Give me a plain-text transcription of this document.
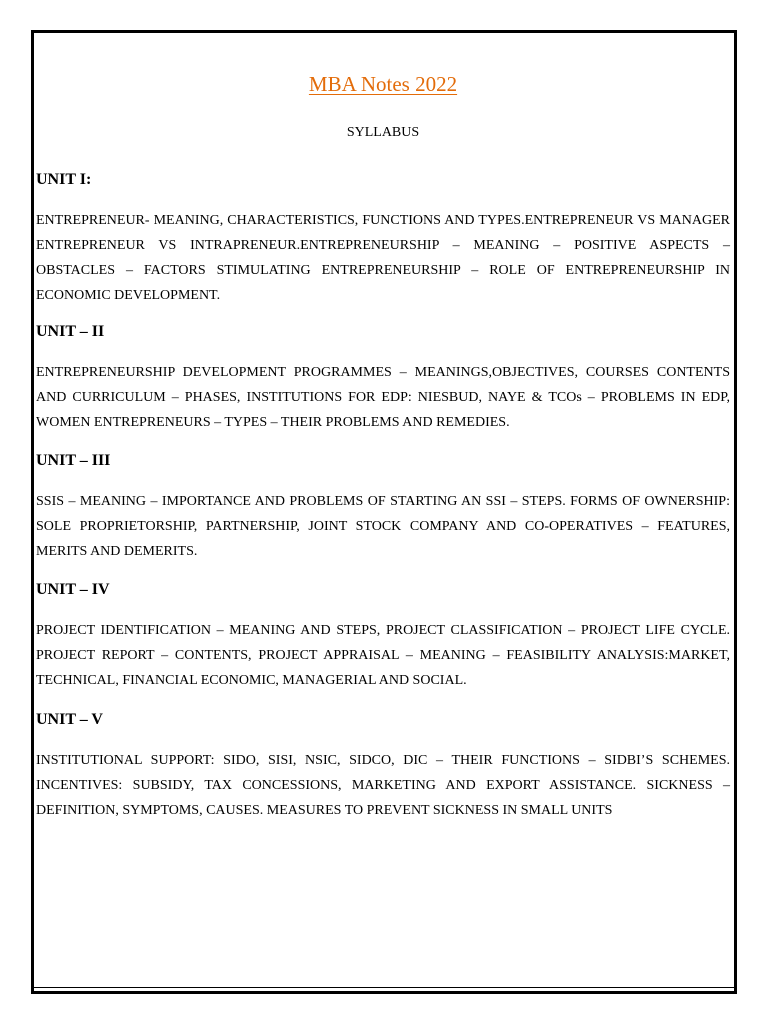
MBA Notes 2022
SYLLABUS
UNIT I:

ENTREPRENEUR- MEANING, CHARACTERISTICS, FUNCTIONS AND TYPES.ENTREPRENEUR VS MANAGER ENTREPRENEUR VS INTRAPRENEUR.ENTREPRENEURSHIP – MEANING – POSITIVE ASPECTS – OBSTACLES – FACTORS STIMULATING ENTREPRENEURSHIP – ROLE OF ENTREPRENEURSHIP IN ECONOMIC DEVELOPMENT.

UNIT – II

ENTREPRENEURSHIP DEVELOPMENT PROGRAMMES – MEANINGS,OBJECTIVES, COURSES CONTENTS AND CURRICULUM – PHASES, INSTITUTIONS FOR EDP: NIESBUD, NAYE & TCOs – PROBLEMS IN EDP, WOMEN ENTREPRENEURS – TYPES – THEIR PROBLEMS AND REMEDIES.

UNIT – III

SSIS – MEANING – IMPORTANCE AND PROBLEMS OF STARTING AN SSI – STEPS. FORMS OF OWNERSHIP: SOLE PROPRIETORSHIP, PARTNERSHIP, JOINT STOCK COMPANY AND CO-OPERATIVES – FEATURES, MERITS AND DEMERITS.

UNIT – IV

PROJECT IDENTIFICATION – MEANING AND STEPS, PROJECT CLASSIFICATION – PROJECT LIFE CYCLE. PROJECT REPORT – CONTENTS, PROJECT APPRAISAL – MEANING – FEASIBILITY ANALYSIS:MARKET, TECHNICAL, FINANCIAL ECONOMIC, MANAGERIAL AND SOCIAL.

UNIT – V

INSTITUTIONAL SUPPORT: SIDO, SISI, NSIC, SIDCO, DIC – THEIR FUNCTIONS – SIDBI’S SCHEMES. INCENTIVES: SUBSIDY, TAX CONCESSIONS, MARKETING AND EXPORT ASSISTANCE. SICKNESS – DEFINITION, SYMPTOMS, CAUSES. MEASURES TO PREVENT SICKNESS IN SMALL UNITS
